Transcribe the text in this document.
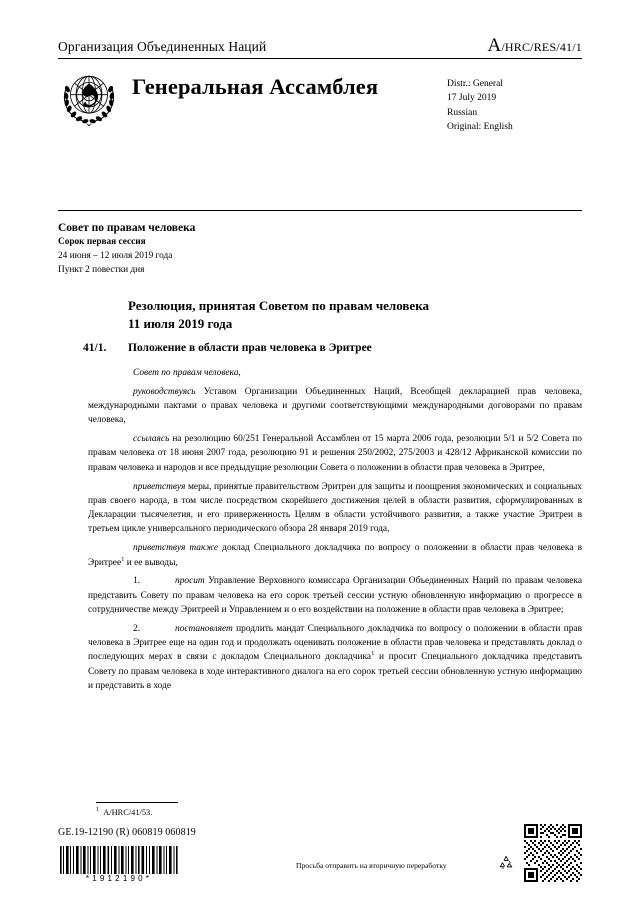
Организация Объединенных Наций	A/HRC/RES/41/1
Генеральная Ассамблея	Distr.: General
17 July 2019
Russian
Original: English
Совет по правам человека
Сорок первая сессия
24 июня – 12 июля 2019 года
Пункт 2 повестки дня
Резолюция, принятая Советом по правам человека
11 июля 2019 года
41/1.	Положение в области прав человека в Эритрее

Совет по правам человека,

руководствуясь Уставом Организации Объединенных Наций, Всеобщей декларацией прав человека, международными пактами о правах человека и другими соответствующими международными договорами по правам человека,

ссылаясь на резолюцию 60/251 Генеральной Ассамблеи от 15 марта 2006 года, резолюции 5/1 и 5/2 Совета по правам человека от 18 июня 2007 года, резолюцию 91 и решения 250/2002, 275/2003 и 428/12 Африканской комиссии по правам человека и народов и все предыдущие резолюции Совета о положении в области прав человека в Эритрее,

приветствуя меры, принятые правительством Эритреи для защиты и поощрения экономических и социальных прав своего народа, в том числе посредством скорейшего достижения целей в области развития, сформулированных в Декларации тысячелетия, и его приверженность Целям в области устойчивого развития, а также участие Эритреи в третьем цикле универсального периодического обзора 28 января 2019 года,

приветствуя также доклад Специального докладчика по вопросу о положении в области прав человека в Эритрее$^1$ и ее выводы,

1.	просит Управление Верховного комиссара Организации Объединенных Наций по правам человека представить Совету по правам человека на его сорок третьей сессии устную обновленную информацию о прогрессе в сотрудничестве между Эритреей и Управлением и о его воздействии на положение в области прав человека в Эритрее;

2.	постановляет продлить мандат Специального докладчика по вопросу о положении в области прав человека в Эритрее еще на один год и продолжать оценивать положение в области прав человека и представлять доклад о последующих мерах в связи с докладом Специального докладчика$^1$ и просит Специального докладчика представить Совету по правам человека в ходе интерактивного диалога на его сорок третьей сессии обновленную устную информацию и представить в ходе

$^1$ A/HRC/41/53.
GE.19-12190 (R) 060819 060819
*1912190*
Просьба отправить на вторичную переработку
